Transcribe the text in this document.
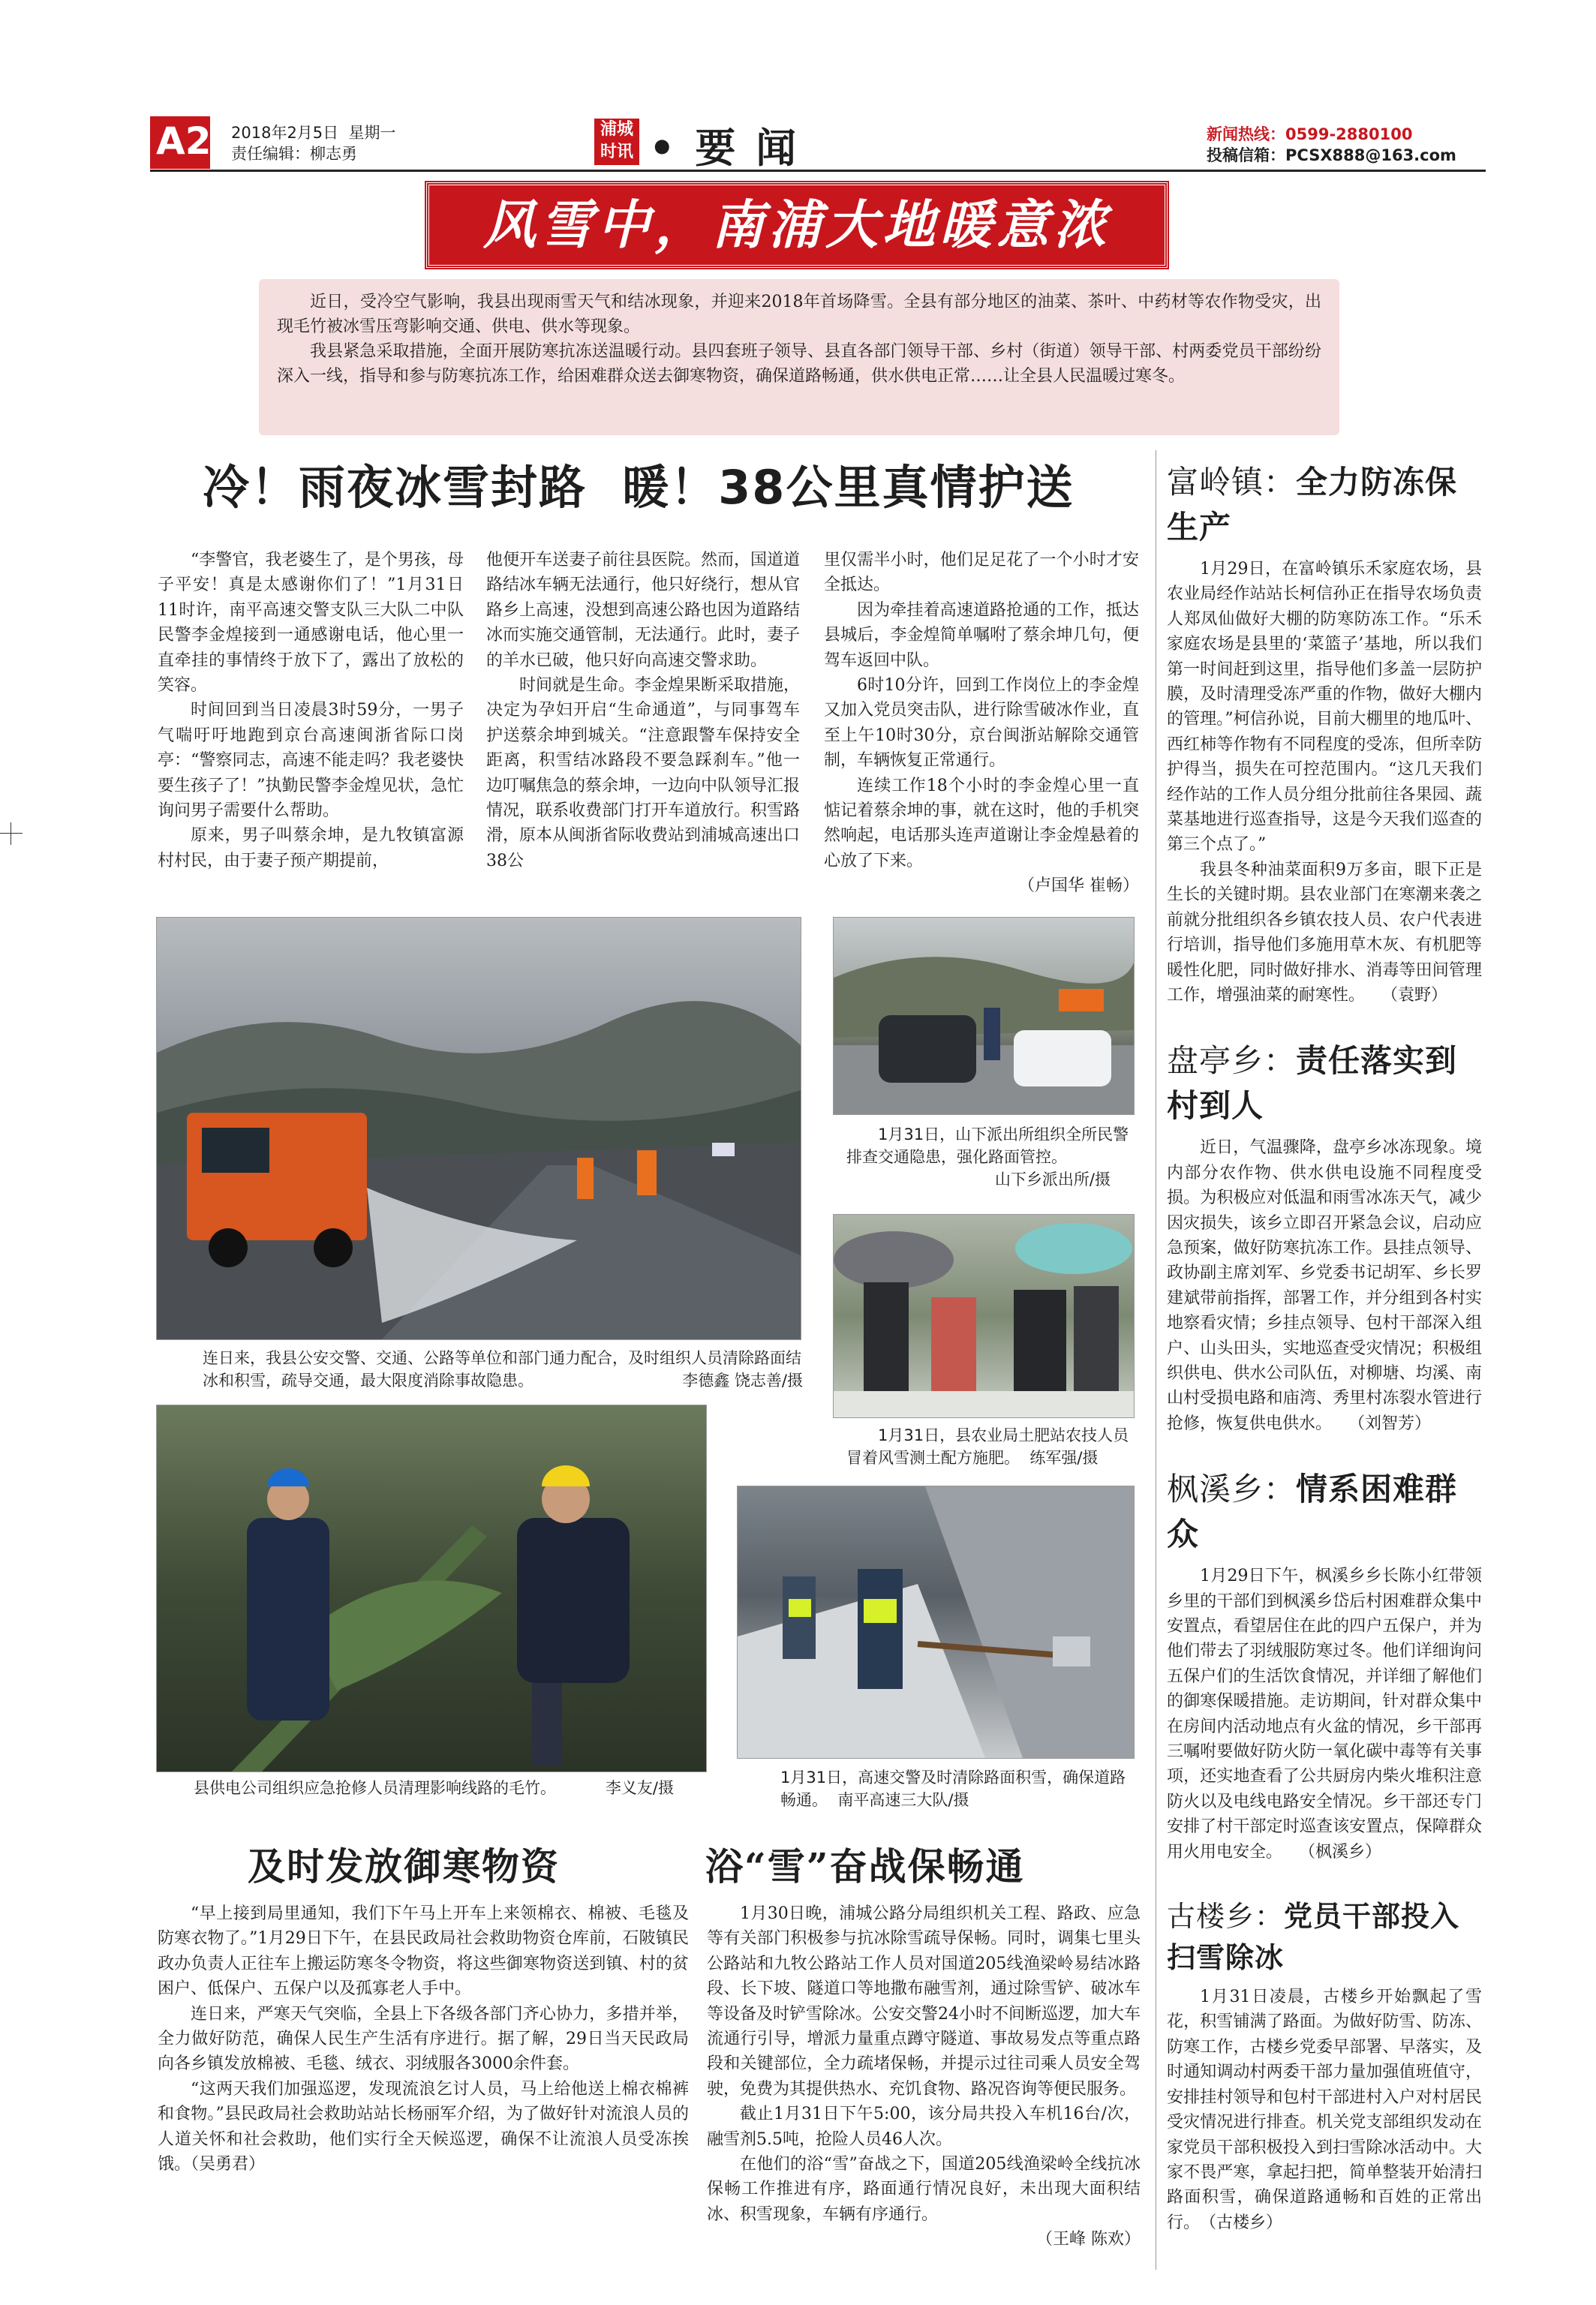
A2 2018年2月5日 星期一
责任编辑：柳志勇
浦城
时讯 • 要 闻	新闻热线：0599-2880100
投稿信箱：PCSX888@163.com
风雪中，南浦大地暖意浓
近日，受冷空气影响，我县出现雨雪天气和结冰现象，并迎来2018年首场降雪。全县有部分地区的油菜、茶叶、中药材等农作物受灾，出现毛竹被冰雪压弯影响交通、供电、供水等现象。
我县紧急采取措施，全面开展防寒抗冻送温暖行动。县四套班子领导、县直各部门领导干部、乡村（街道）领导干部、村两委党员干部纷纷深入一线，指导和参与防寒抗冻工作，给困难群众送去御寒物资，确保道路畅通，供水供电正常……让全县人民温暖过寒冬。
冷！雨夜冰雪封路  暖！38公里真情护送

“李警官，我老婆生了，是个男孩，母子平安！真是太感谢你们了！”1月31日11时许，南平高速交警支队三大队二中队民警李金煌接到一通感谢电话，他心里一直牵挂的事情终于放下了，露出了放松的笑容。

时间回到当日凌晨3时59分，一男子气喘吁吁地跑到京台高速闽浙省际口岗亭：“警察同志，高速不能走吗？我老婆快要生孩子了！”执勤民警李金煌见状，急忙询问男子需要什么帮助。

原来，男子叫蔡余坤，是九牧镇富源村村民，由于妻子预产期提前，

他便开车送妻子前往县医院。然而，国道道路结冰车辆无法通行，他只好绕行，想从官路乡上高速，没想到高速公路也因为道路结冰而实施交通管制，无法通行。此时，妻子的羊水已破，他只好向高速交警求助。

时间就是生命。李金煌果断采取措施，决定为孕妇开启“生命通道”，与同事驾车护送蔡余坤到城关。“注意跟警车保持安全距离，积雪结冰路段不要急踩刹车。”他一边叮嘱焦急的蔡余坤，一边向中队领导汇报情况，联系收费部门打开车道放行。积雪路滑，原本从闽浙省际收费站到浦城高速出口38公

里仅需半小时，他们足足花了一个小时才安全抵达。

因为牵挂着高速道路抢通的工作，抵达县城后，李金煌简单嘱咐了蔡余坤几句，便驾车返回中队。

6时10分许，回到工作岗位上的李金煌又加入党员突击队，进行除雪破冰作业，直至上午10时30分，京台闽浙站解除交通管制，车辆恢复正常通行。

连续工作18个小时的李金煌心里一直惦记着蔡余坤的事，就在这时，他的手机突然响起，电话那头连声道谢让李金煌悬着的心放了下来。

（卢国华 崔畅）
连日来，我县公安交警、交通、公路等单位和部门通力配合，及时组织人员清除路面结冰和积雪，疏导交通，最大限度消除事故隐患。	李德鑫 饶志善/摄
1月31日，山下派出所组织全所民警排查交通隐患，强化路面管控。
山下乡派出所/摄
1月31日，县农业局土肥站农技人员冒着风雪测土配方施肥。 练军强/摄
县供电公司组织应急抢修人员清理影响线路的毛竹。	李义友/摄
1月31日，高速交警及时清除路面积雪，确保道路畅通。 南平高速三大队/摄
及时发放御寒物资

“早上接到局里通知，我们下午马上开车上来领棉衣、棉被、毛毯及防寒衣物了。”1月29日下午，在县民政局社会救助物资仓库前，石陂镇民政办负责人正往车上搬运防寒冬令物资，将这些御寒物资送到镇、村的贫困户、低保户、五保户以及孤寡老人手中。

连日来，严寒天气突临，全县上下各级各部门齐心协力，多措并举，全力做好防范，确保人民生产生活有序进行。据了解，29日当天民政局向各乡镇发放棉被、毛毯、绒衣、羽绒服各3000余件套。

“这两天我们加强巡逻，发现流浪乞讨人员，马上给他送上棉衣棉裤和食物。”县民政局社会救助站站长杨丽军介绍，为了做好针对流浪人员的人道关怀和社会救助，他们实行全天候巡逻，确保不让流浪人员受冻挨饿。（吴勇君）

浴“雪”奋战保畅通

1月30日晚，浦城公路分局组织机关工程、路政、应急等有关部门积极参与抗冰除雪疏导保畅。同时，调集七里头公路站和九牧公路站工作人员对国道205线渔梁岭易结冰路段、长下坡、隧道口等地撒布融雪剂，通过除雪铲、破冰车等设备及时铲雪除冰。公安交警24小时不间断巡逻，加大车流通行引导，增派力量重点蹲守隧道、事故易发点等重点路段和关键部位，全力疏堵保畅，并提示过往司乘人员安全驾驶，免费为其提供热水、充饥食物、路况咨询等便民服务。

截止1月31日下午5:00，该分局共投入车机16台/次，融雪剂5.5吨，抢险人员46人次。

在他们的浴“雪”奋战之下，国道205线渔梁岭全线抗冰保畅工作推进有序，路面通行情况良好，未出现大面积结冰、积雪现象，车辆有序通行。

（王峰 陈欢）
富岭镇：全力防冻保生产

1月29日，在富岭镇乐禾家庭农场，县农业局经作站站长柯信孙正在指导农场负责人郑凤仙做好大棚的防寒防冻工作。“乐禾家庭农场是县里的‘菜篮子’基地，所以我们第一时间赶到这里，指导他们多盖一层防护膜，及时清理受冻严重的作物，做好大棚内的管理。”柯信孙说，目前大棚里的地瓜叶、西红柿等作物有不同程度的受冻，但所幸防护得当，损失在可控范围内。“这几天我们经作站的工作人员分组分批前往各果园、蔬菜基地进行巡查指导，这是今天我们巡查的第三个点了。”

我县冬种油菜面积9万多亩，眼下正是生长的关键时期。县农业部门在寒潮来袭之前就分批组织各乡镇农技人员、农户代表进行培训，指导他们多施用草木灰、有机肥等暖性化肥，同时做好排水、消毒等田间管理工作，增强油菜的耐寒性。　　（袁野）

盘亭乡：责任落实到村到人

近日，气温骤降，盘亭乡冰冻现象。境内部分农作物、供水供电设施不同程度受损。为积极应对低温和雨雪冰冻天气，减少因灾损失，该乡立即召开紧急会议，启动应急预案，做好防寒抗冻工作。县挂点领导、政协副主席刘军、乡党委书记胡军、乡长罗建斌带前指挥，部署工作，并分组到各村实地察看灾情；乡挂点领导、包村干部深入组户、山头田头，实地巡查受灾情况；积极组织供电、供水公司队伍，对柳塘、均溪、南山村受损电路和庙湾、秀里村冻裂水管进行抢修，恢复供电供水。　　（刘智芳）

枫溪乡：情系困难群众

1月29日下午，枫溪乡乡长陈小红带领乡里的干部们到枫溪乡岱后村困难群众集中安置点，看望居住在此的四户五保户，并为他们带去了羽绒服防寒过冬。他们详细询问五保户们的生活饮食情况，并详细了解他们的御寒保暖措施。走访期间，针对群众集中在房间内活动地点有火盆的情况，乡干部再三嘱咐要做好防火防一氧化碳中毒等有关事项，还实地查看了公共厨房内柴火堆积注意防火以及电线电路安全情况。乡干部还专门安排了村干部定时巡查该安置点，保障群众用火用电安全。　　（枫溪乡）

古楼乡：党员干部投入扫雪除冰

1月31日凌晨，古楼乡开始飘起了雪花，积雪铺满了路面。为做好防雪、防冻、防寒工作，古楼乡党委早部署、早落实，及时通知调动村两委干部力量加强值班值守，安排挂村领导和包村干部进村入户对村居民受灾情况进行排查。机关党支部组织发动在家党员干部积极投入到扫雪除冰活动中。大家不畏严寒，拿起扫把，简单整装开始清扫路面积雪，确保道路通畅和百姓的正常出行。　（古楼乡）
